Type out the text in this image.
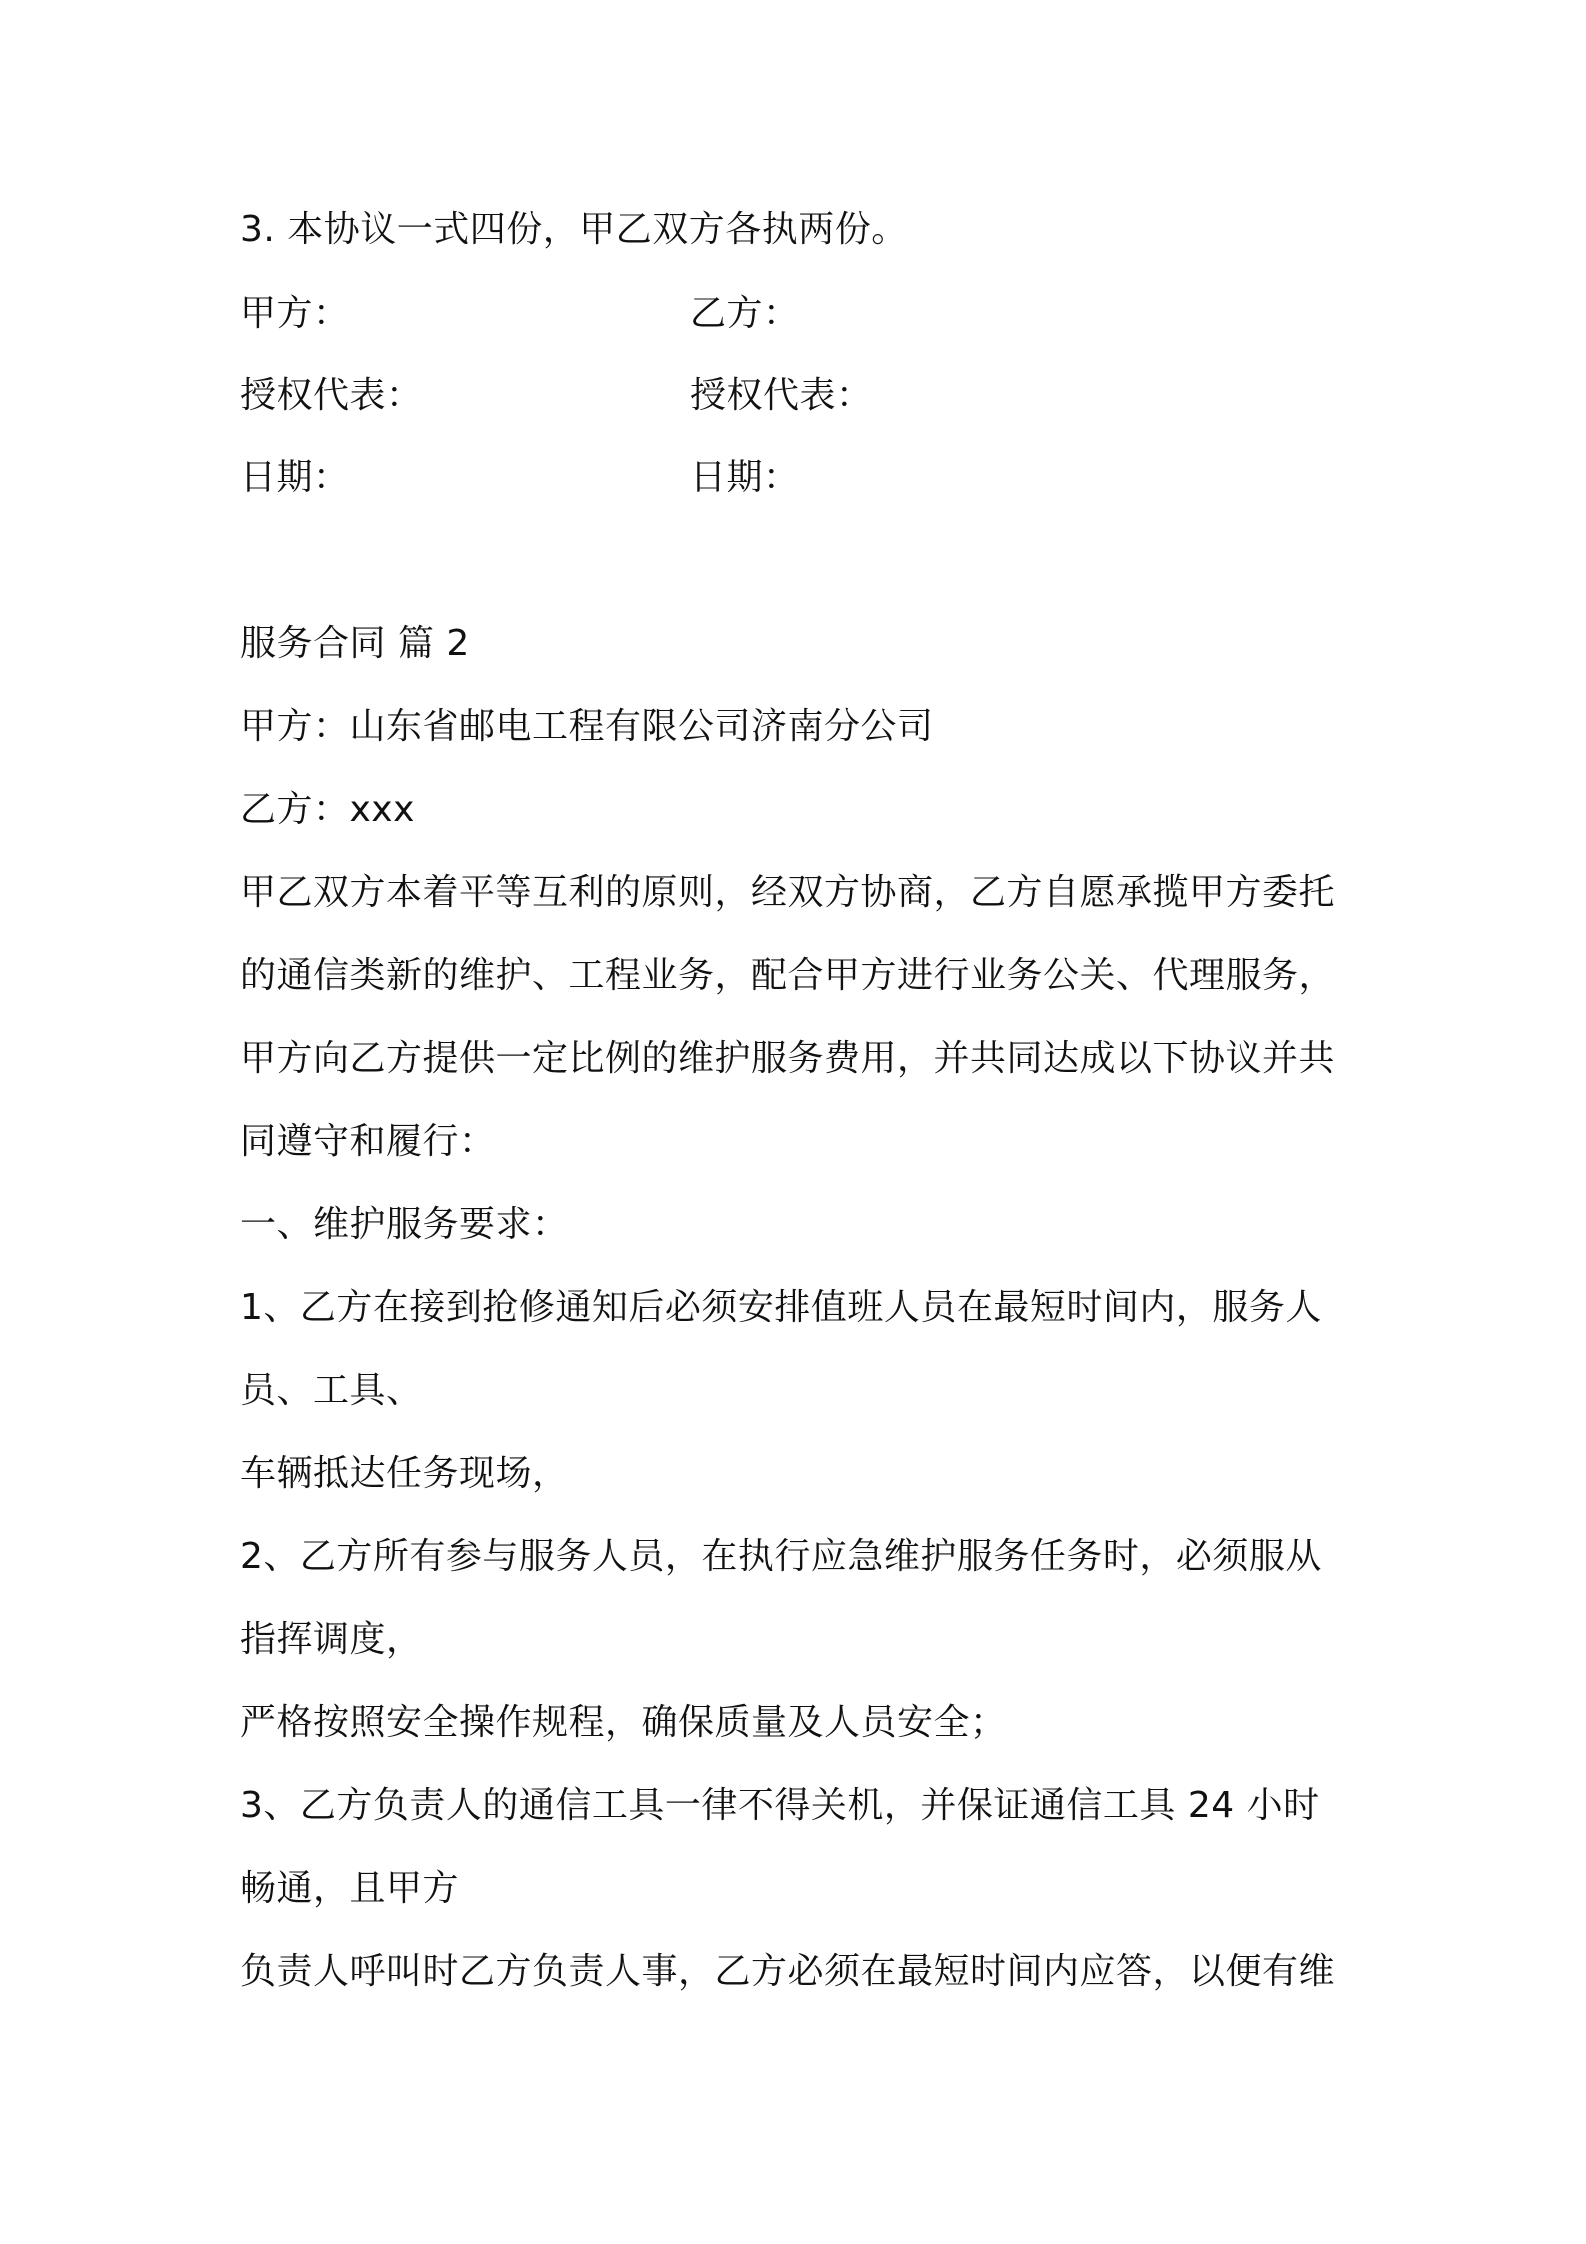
3. 本协议一式四份，甲乙双方各执两份。
甲方：	乙方：
授权代表：	授权代表：
日期：	日期：
服务合同 篇 2
甲方：山东省邮电工程有限公司济南分公司
乙方：xxx
甲乙双方本着平等互利的原则，经双方协商，乙方自愿承揽甲方委托
的通信类新的维护、工程业务，配合甲方进行业务公关、代理服务，
甲方向乙方提供一定比例的维护服务费用，并共同达成以下协议并共
同遵守和履行：
一、维护服务要求：
1、乙方在接到抢修通知后必须安排值班人员在最短时间内，服务人
员、工具、
车辆抵达任务现场，
2、乙方所有参与服务人员，在执行应急维护服务任务时，必须服从
指挥调度，
严格按照安全操作规程，确保质量及人员安全；
3、乙方负责人的通信工具一律不得关机，并保证通信工具 24 小时
畅通，且甲方
负责人呼叫时乙方负责人事，乙方必须在最短时间内应答，以便有维
